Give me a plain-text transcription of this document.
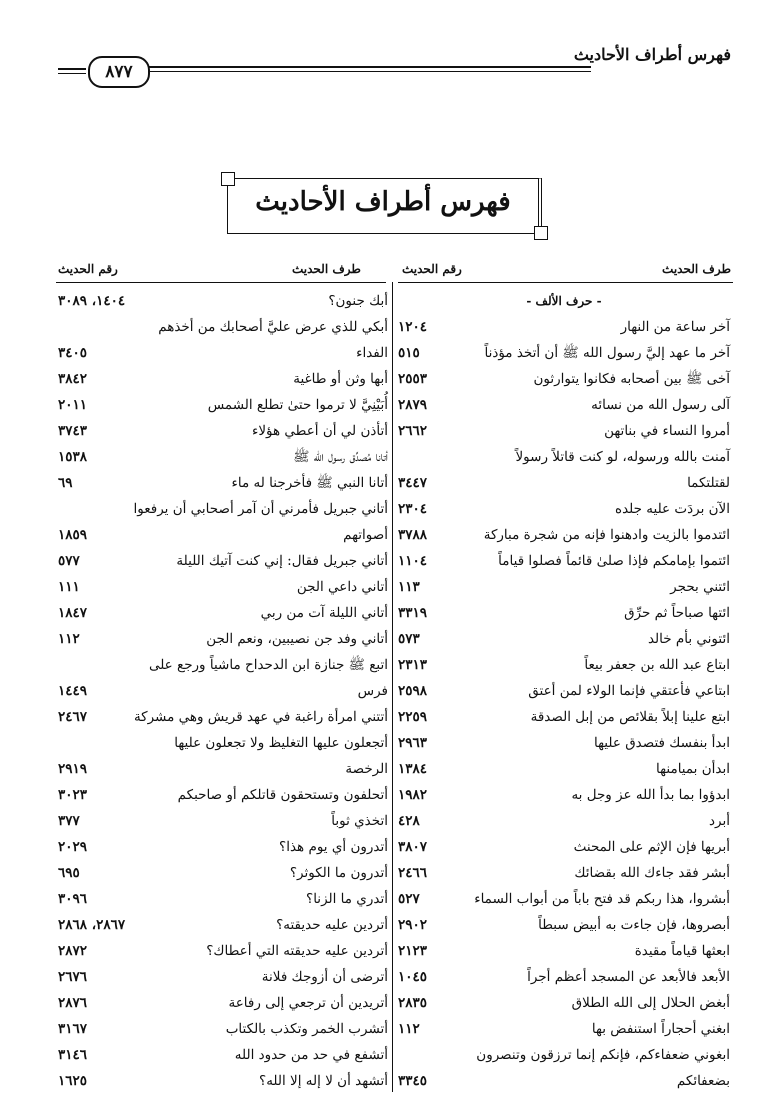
فهرس أطراف الأحاديث
٨٧٧
فهرس أطراف الأحاديث
طرف الحديث
رقم الحديث
طرف الحديث
رقم الحديث
- حرف الألف -
آخر ساعة من النهار
١٢٠٤
آخر ما عهد إليَّ رسول الله ﷺ أن أتخذ مؤذناً
٥١٥
آخى ﷺ بين أصحابه فكانوا يتوارثون
٢٥٥٣
آلى رسول الله من نسائه
٢٨٧٩
أمروا النساء في بناتهن
٢٦٦٢
آمنت بالله ورسوله، لو كنت قاتلاً رسولاً
لقتلتكما
٣٤٤٧
الآن بردَت عليه جلده
٢٣٠٤
ائتدموا بالزيت وادهنوا فإنه من شجرة مباركة
٣٧٨٨
ائتموا بإمامكم فإذا صلىٰ قائماً فصلوا قياماً
١١٠٤
ائتني بحجر
١١٣
ائتها صباحاً ثم حرِّق
٣٣١٩
ائتوني بأم خالد
٥٧٣
ابتاع عبد الله بن جعفر بيعاً
٢٣١٣
ابتاعي فأعتقي فإنما الولاء لمن أعتق
٢٥٩٨
ابتع علينا إبلاً بقلائص من إبل الصدقة
٢٢٥٩
ابدأ بنفسك فتصدق عليها
٢٩٦٣
ابدأن بميامنها
١٣٨٤
ابدؤوا بما بدأ الله عز وجل به
١٩٨٢
أبرد
٤٢٨
أبريها فإن الإثم على المحنث
٣٨٠٧
أبشر فقد جاءك الله بقضائك
٢٤٦٦
أبشروا، هذا ربكم قد فتح باباً من أبواب السماء
٥٢٧
أبصروها، فإن جاءت به أبيض سبطاً
٢٩٠٢
ابعثها قياماً مقيدة
٢١٢٣
الأبعد فالأبعد عن المسجد أعظم أجراً
١٠٤٥
أبغض الحلال إلى الله الطلاق
٢٨٣٥
ابغني أحجاراً استنفض بها
١١٢
ابغوني ضعفاءكم، فإنكم إنما ترزقون وتنصرون
بضعفائكم
٣٣٤٥
أبك جنون؟
١٤٠٤، ٣٠٨٩
أبكي للذي عرض عليَّ أصحابك من أخذهم
الفداء
٣٤٠٥
أبها وثن أو طاغية
٣٨٤٢
أُبَيْنِيَّ لا ترموا حتىٰ تطلع الشمس
٢٠١١
أتأذن لي أن أعطي هؤلاء
٣٧٤٣
أتانا مُصدِّق رسول الله ﷺ
١٥٣٨
أتانا النبي ﷺ فأخرجنا له ماء
٦٩
أتاني جبريل فأمرني أن آمر أصحابي أن يرفعوا
أصواتهم
١٨٥٩
أتاني جبريل فقال: إني كنت آتيك الليلة
٥٧٧
أتاني داعي الجن
١١١
أتاني الليلة آت من ربي
١٨٤٧
أتاني وفد جن نصيبين، ونعم الجن
١١٢
اتبع ﷺ جنازة ابن الدحداح ماشياً ورجع على
فرس
١٤٤٩
أتتني امرأة راغبة في عهد قريش وهي مشركة
٢٤٦٧
أتجعلون عليها التغليظ ولا تجعلون عليها
الرخصة
٢٩١٩
أتحلفون وتستحقون قاتلكم أو صاحبكم
٣٠٢٣
اتخذي ثوباً
٣٧٧
أتدرون أي يوم هذا؟
٢٠٢٩
أتدرون ما الكوثر؟
٦٩٥
أتدري ما الزنا؟
٣٠٩٦
أتردين عليه حديقته؟
٢٨٦٧، ٢٨٦٨
أتردين عليه حديقته التي أعطاك؟
٢٨٧٢
أترضى أن أزوجك فلانة
٢٦٧٦
أتريدين أن ترجعي إلى رفاعة
٢٨٧٦
أتشرب الخمر وتكذب بالكتاب
٣١٦٧
أتشفع في حد من حدود الله
٣١٤٦
أتشهد أن لا إله إلا الله؟
١٦٢٥
